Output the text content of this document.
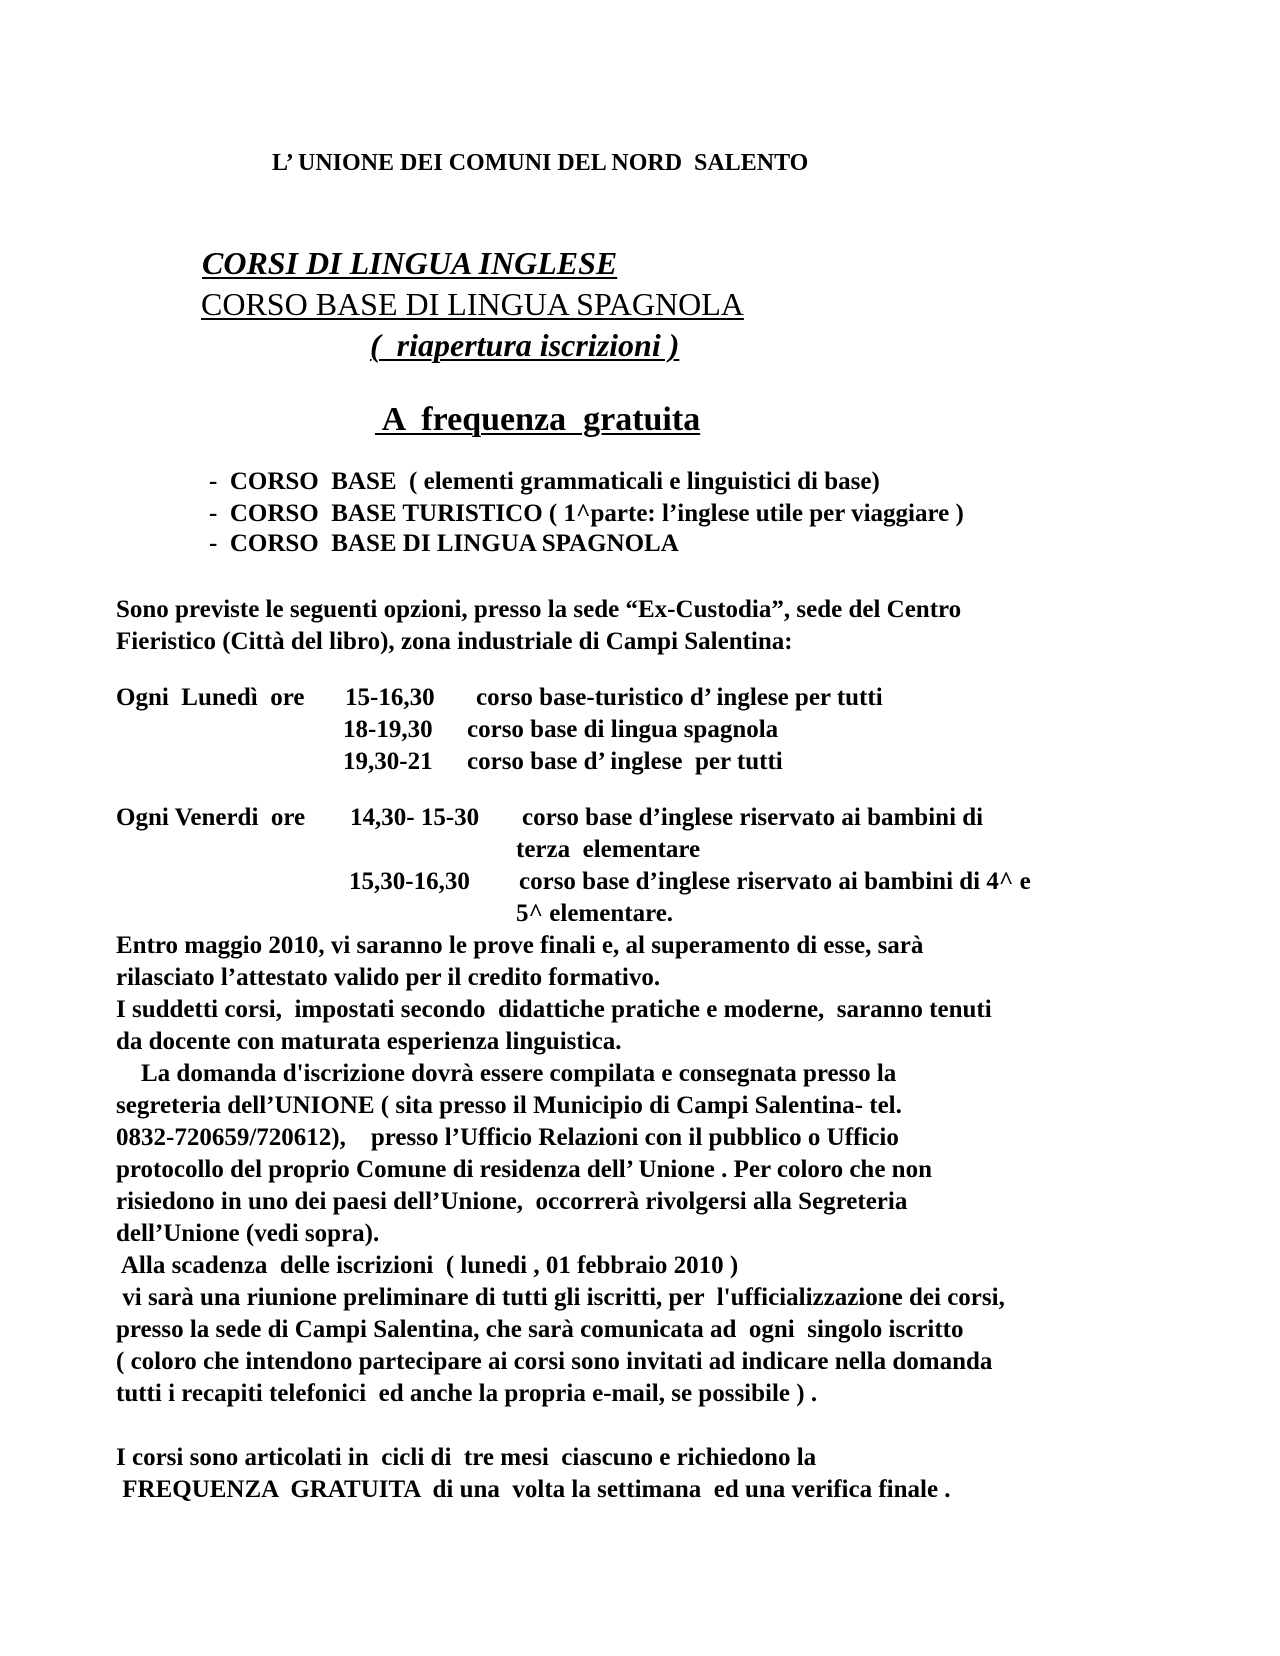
L’ UNIONE DEI COMUNI DEL NORD  SALENTO
CORSI DI LINGUA INGLESE
CORSO BASE DI LINGUA SPAGNOLA
(  riapertura iscrizioni )
A  frequenza  gratuita
-  CORSO  BASE  ( elementi grammaticali e linguistici di base)
-  CORSO  BASE TURISTICO ( 1^parte: l’inglese utile per viaggiare )
-  CORSO  BASE DI LINGUA SPAGNOLA
Sono previste le seguenti opzioni, presso la sede “Ex-Custodia”, sede del Centro
Fieristico (Città del libro), zona industriale di Campi Salentina:
Ogni  Lunedì  ore 15-16,30 corso base-turistico d’ inglese per tutti
18-19,30 corso base di lingua spagnola
19,30-21 corso base d’ inglese  per tutti
Ogni Venerdi  ore 14,30- 15-30 corso base d’inglese riservato ai bambini di
terza  elementare
15,30-16,30 corso base d’inglese riservato ai bambini di 4^ e
5^ elementare.
Entro maggio 2010, vi saranno le prove finali e, al superamento di esse, sarà
rilasciato l’attestato valido per il credito formativo.
I suddetti corsi,  impostati secondo  didattiche pratiche e moderne,  saranno tenuti
da docente con maturata esperienza linguistica.
La domanda d'iscrizione dovrà essere compilata e consegnata presso la
segreteria dell’UNIONE ( sita presso il Municipio di Campi Salentina- tel.
0832-720659/720612),    presso l’Ufficio Relazioni con il pubblico o Ufficio
protocollo del proprio Comune di residenza dell’ Unione . Per coloro che non
risiedono in uno dei paesi dell’Unione,  occorrerà rivolgersi alla Segreteria
dell’Unione (vedi sopra).
Alla scadenza  delle iscrizioni  ( lunedi , 01 febbraio 2010 )
vi sarà una riunione preliminare di tutti gli iscritti, per  l'ufficializzazione dei corsi,
presso la sede di Campi Salentina, che sarà comunicata ad  ogni  singolo iscritto
( coloro che intendono partecipare ai corsi sono invitati ad indicare nella domanda
tutti i recapiti telefonici  ed anche la propria e-mail, se possibile ) .
I corsi sono articolati in  cicli di  tre mesi  ciascuno e richiedono la
FREQUENZA  GRATUITA  di una  volta la settimana  ed una verifica finale .
